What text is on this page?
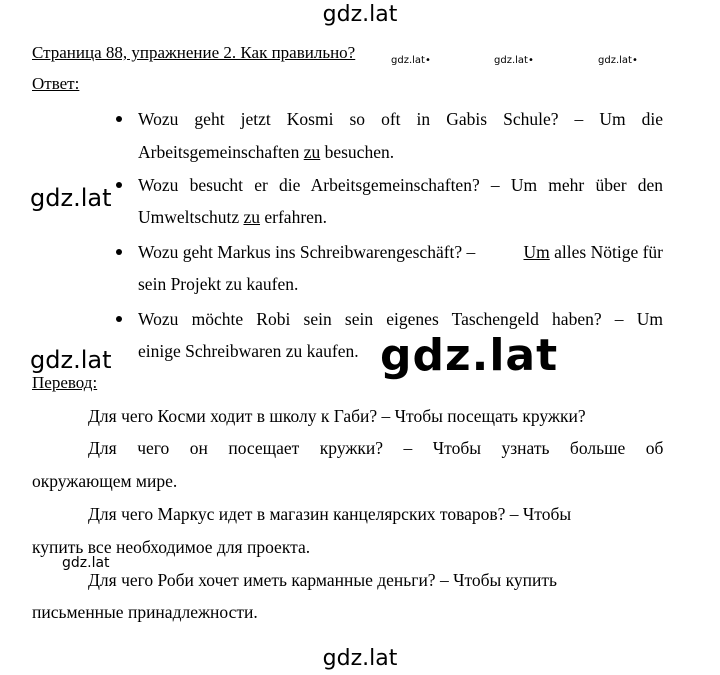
gdz.lat
gdz.lat•	gdz.lat•	gdz.lat•
gdz.lat
gdz.lat	gdz.lat
gdz.lat
gdz.lat
Страница 88, упражнение 2. Как правильно?
Ответ:
Wozu geht jetzt Kosmi so oft in Gabis Schule? – Um die
Arbeitsgemeinschaften zu besuchen.
Wozu besucht er die Arbeitsgemeinschaften? – Um mehr über den
Umweltschutz zu erfahren.
Wozu geht Markus ins Schreibwarengeschäft? –	Um alles Nötige für
sein Projekt zu kaufen.
Wozu möchte Robi sein sein eigenes Taschengeld haben? – Um
einige Schreibwaren zu kaufen.
Перевод:
Для чего Косми ходит в школу к Габи? – Чтобы посещать кружки?
Для чего он посещает кружки? – Чтобы узнать больше об
окружающем мире.
Для чего Маркус идет в магазин канцелярских товаров? – Чтобы
купить все необходимое для проекта.
Для чего Роби хочет иметь карманные деньги? – Чтобы купить
письменные принадлежности.
